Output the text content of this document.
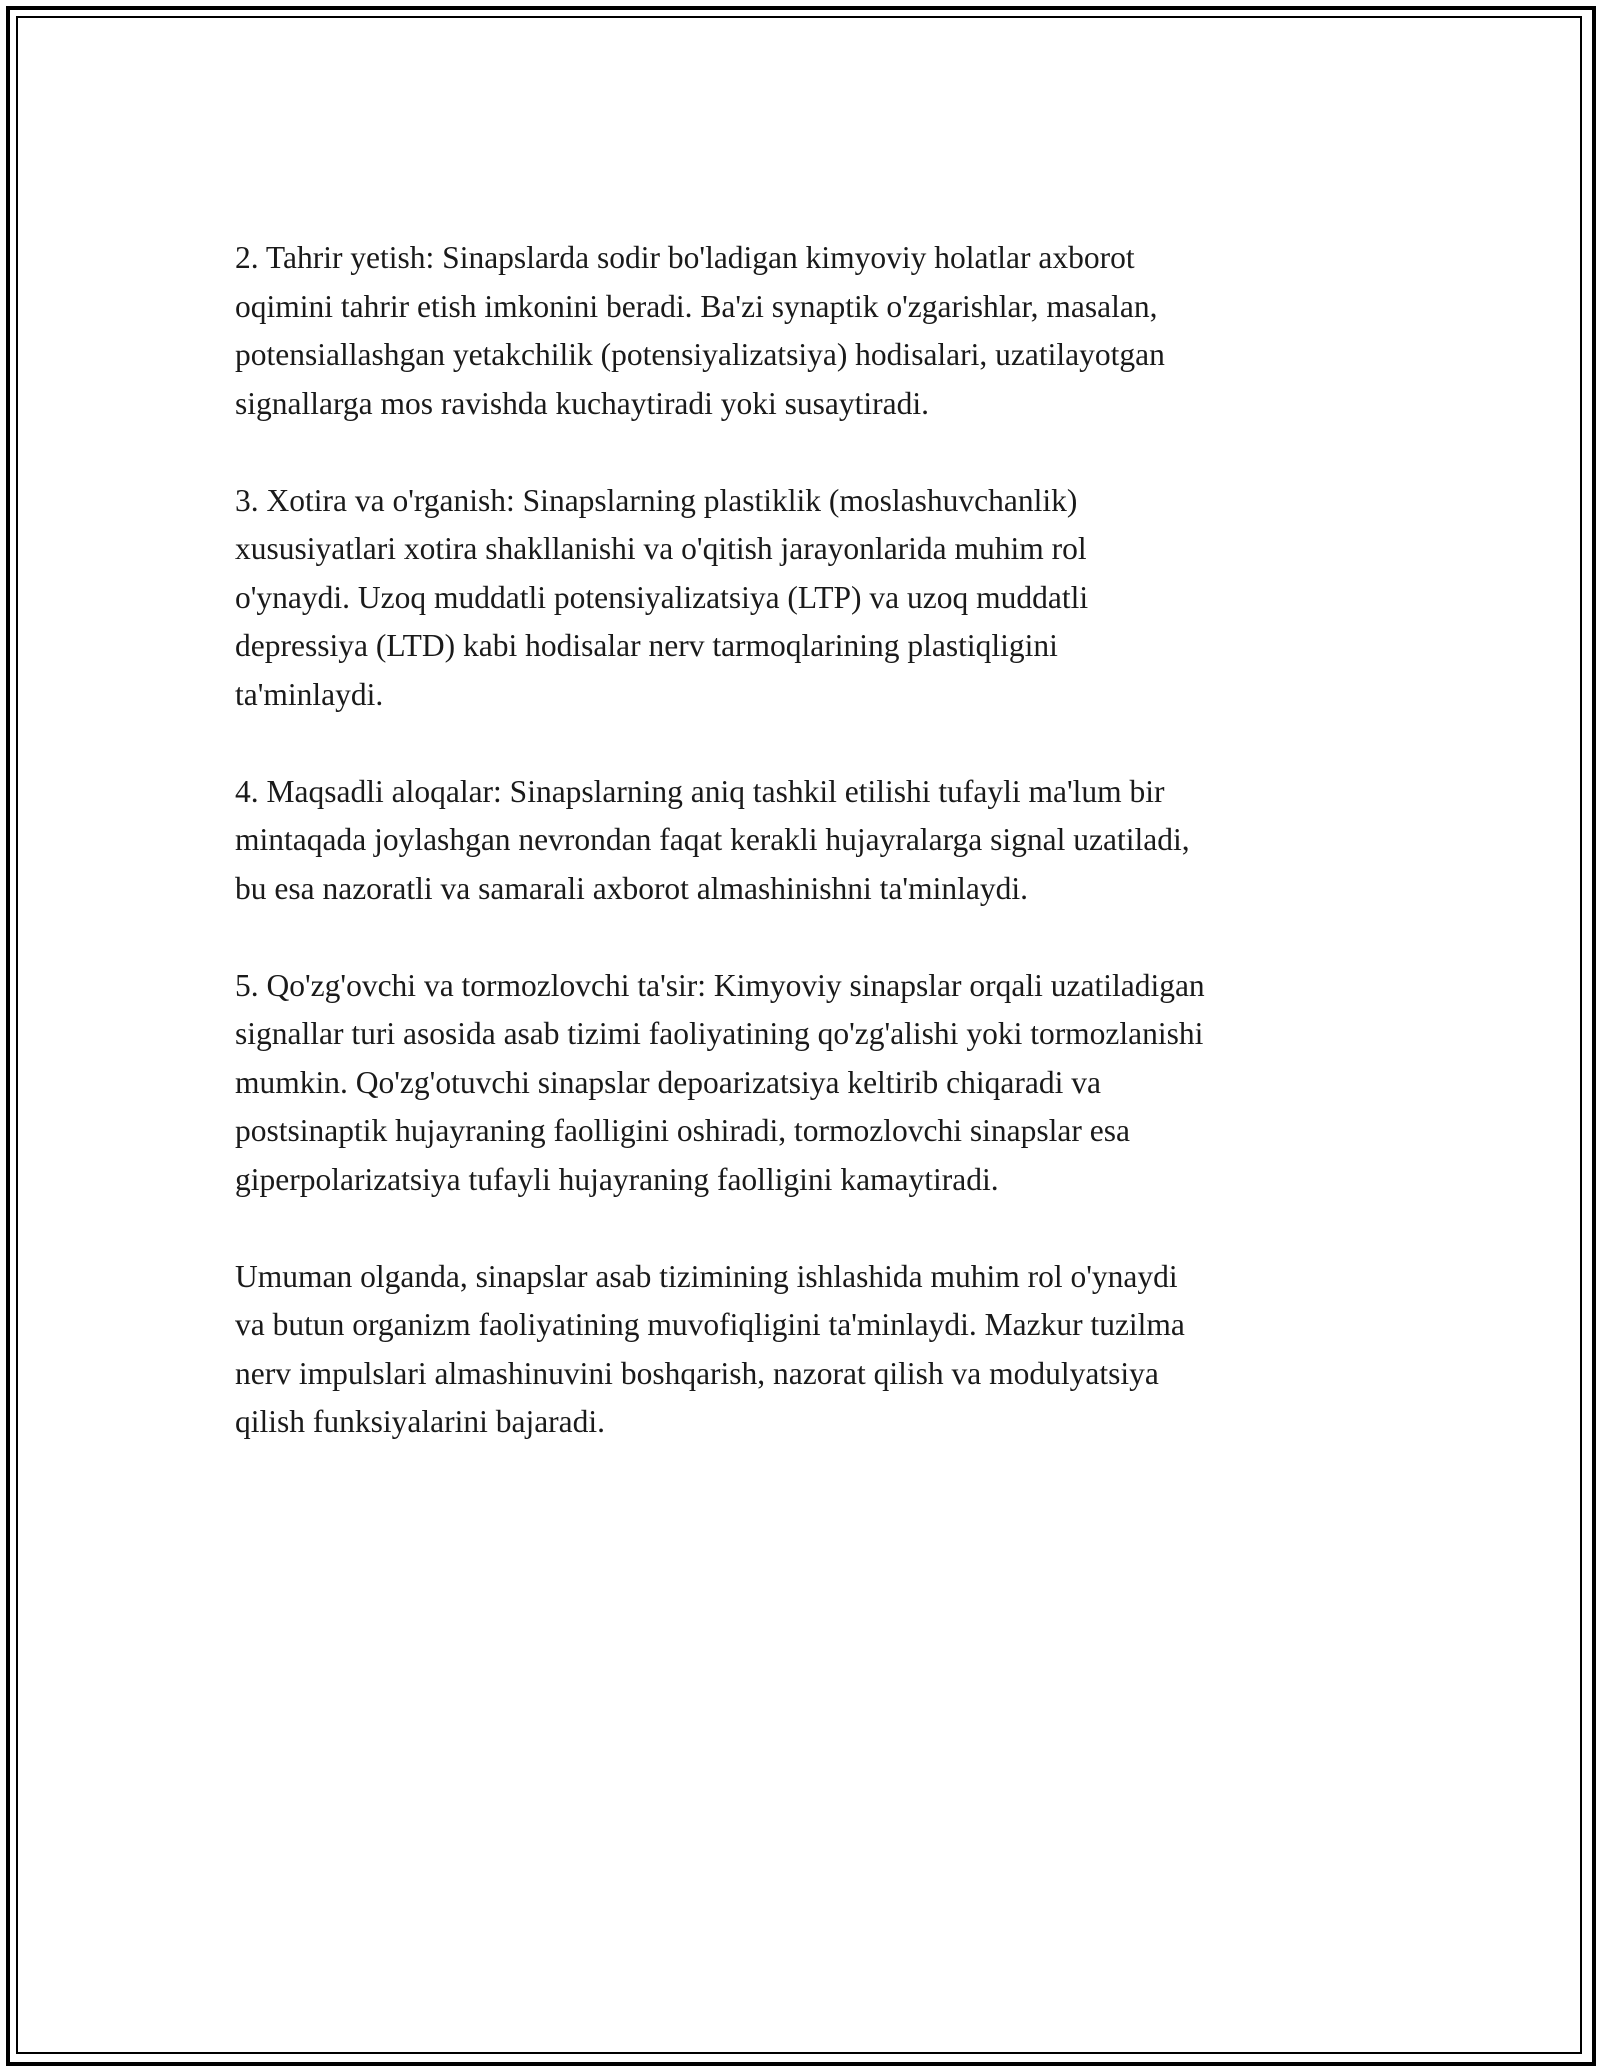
2. Tahrir yetish: Sinapslarda sodir bo'ladigan kimyoviy holatlar axborot
oqimini tahrir etish imkonini beradi. Ba'zi synaptik o'zgarishlar, masalan,
potensiallashgan yetakchilik (potensiyalizatsiya) hodisalari, uzatilayotgan
signallarga mos ravishda kuchaytiradi yoki susaytiradi.

3. Xotira va o'rganish: Sinapslarning plastiklik (moslashuvchanlik)
xususiyatlari xotira shakllanishi va o'qitish jarayonlarida muhim rol
o'ynaydi. Uzoq muddatli potensiyalizatsiya (LTP) va uzoq muddatli
depressiya (LTD) kabi hodisalar nerv tarmoqlarining plastiqligini
ta'minlaydi.

4. Maqsadli aloqalar: Sinapslarning aniq tashkil etilishi tufayli ma'lum bir
mintaqada joylashgan nevrondan faqat kerakli hujayralarga signal uzatiladi,
bu esa nazoratli va samarali axborot almashinishni ta'minlaydi.

5. Qo'zg'ovchi va tormozlovchi ta'sir: Kimyoviy sinapslar orqali uzatiladigan
signallar turi asosida asab tizimi faoliyatining qo'zg'alishi yoki tormozlanishi
mumkin. Qo'zg'otuvchi sinapslar depoarizatsiya keltirib chiqaradi va
postsinaptik hujayraning faolligini oshiradi, tormozlovchi sinapslar esa
giperpolarizatsiya tufayli hujayraning faolligini kamaytiradi.

Umuman olganda, sinapslar asab tizimining ishlashida muhim rol o'ynaydi
va butun organizm faoliyatining muvofiqligini ta'minlaydi. Mazkur tuzilma
nerv impulslari almashinuvini boshqarish, nazorat qilish va modulyatsiya
qilish funksiyalarini bajaradi.
